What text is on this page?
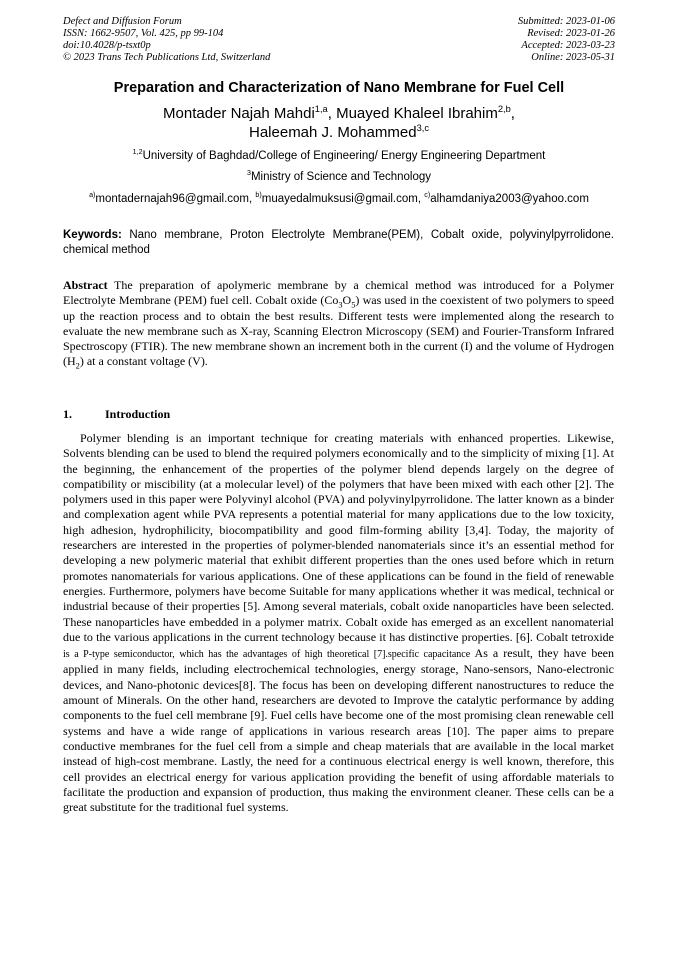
Defect and Diffusion Forum
ISSN: 1662-9507, Vol. 425, pp 99-104
doi:10.4028/p-tsxt0p
© 2023 Trans Tech Publications Ltd, Switzerland
Submitted: 2023-01-06
Revised: 2023-01-26
Accepted: 2023-03-23
Online: 2023-05-31
Preparation and Characterization of Nano Membrane for Fuel Cell
Montader Najah Mahdi$^{1,a}$, Muayed Khaleel Ibrahim$^{2,b}$,
Haleemah J. Mohammed$^{3,c}$
$^{1,2}$University of Baghdad/College of Engineering/ Energy Engineering Department
$^3$Ministry of Science and Technology
$^{a)}$montadernajah96@gmail.com, $^{b)}$muayedalmuksusi@gmail.com, $^{c)}$alhamdaniya2003@yahoo.com
Keywords: Nano membrane, Proton Electrolyte Membrane(PEM), Cobalt oxide, polyvinylpyrrolidone. chemical method
Abstract The preparation of apolymeric membrane by a chemical method was introduced for a Polymer Electrolyte Membrane (PEM) fuel cell. Cobalt oxide $(Co_3O_5)$ was used in the coexistent of two polymers to speed up the reaction process and to obtain the best results. Different tests were implemented along the research to evaluate the new membrane such as X-ray, Scanning Electron Microscopy (SEM) and Fourier-Transform Infrared Spectroscopy (FTIR). The new membrane shown an increment both in the current (I) and the volume of Hydrogen $(H_2)$ at a constant voltage (V).
1.	Introduction
Polymer blending is an important technique for creating materials with enhanced properties. Likewise, Solvents blending can be used to blend the required polymers economically and to the simplicity of mixing [1]. At the beginning, the enhancement of the properties of the polymer blend depends largely on the degree of compatibility or miscibility (at a molecular level) of the polymers that have been mixed with each other [2]. The polymers used in this paper were Polyvinyl alcohol (PVA) and polyvinylpyrrolidone. The latter known as a binder and complexation agent while PVA represents a potential material for many applications due to the low toxicity, high adhesion, hydrophilicity, biocompatibility and good film-forming ability [3,4]. Today, the majority of researchers are interested in the properties of polymer-blended nanomaterials since it’s an essential method for developing a new polymeric material that exhibit different properties than the ones used before which in return promotes nanomaterials for various applications. One of these applications can be found in the field of renewable energies. Furthermore, polymers have become Suitable for many applications whether it was medical, technical or industrial because of their properties [5]. Among several materials, cobalt oxide nanoparticles have been selected. These nanoparticles have embedded in a polymer matrix. Cobalt oxide has emerged as an excellent nanomaterial due to the various applications in the current technology because it has distinctive properties. [6]. Cobalt tetroxide is a P-type semiconductor, which has the advantages of high theoretical [7].specific capacitance As a result, they have been applied in many fields, including electrochemical technologies, energy storage, Nano-sensors, Nano-electronic devices, and Nano-photonic devices[8]. The focus has been on developing different nanostructures to reduce the amount of Minerals. On the other hand, researchers are devoted to Improve the catalytic performance by adding components to the fuel cell membrane [9]. Fuel cells have become one of the most promising clean renewable cell systems and have a wide range of applications in various research areas [10]. The paper aims to prepare conductive membranes for the fuel cell from a simple and cheap materials that are available in the local market instead of high-cost membrane. Lastly, the need for a continuous electrical energy is well known, therefore, this cell provides an electrical energy for various application providing the benefit of using affordable materials to facilitate the production and expansion of production, thus making the environment cleaner. These cells can be a great substitute for the traditional fuel systems.
